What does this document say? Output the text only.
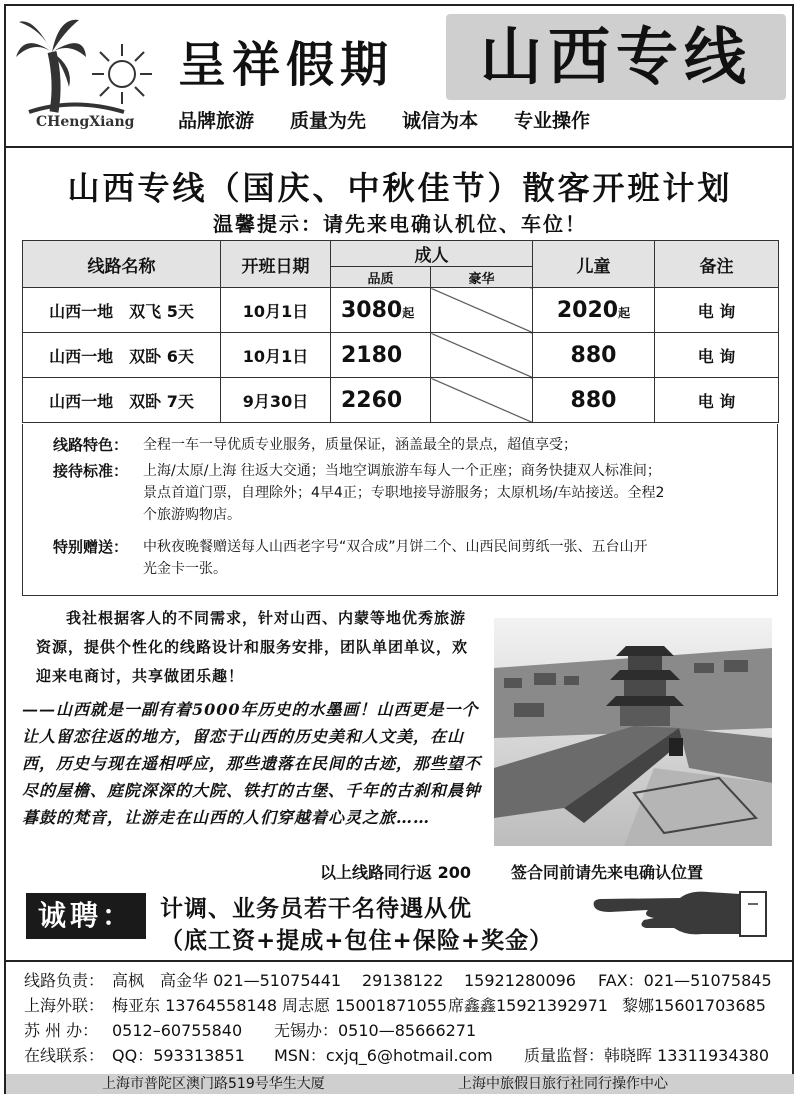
CHengXiang
呈祥假期	山西专线
品牌旅游 质量为先 诚信为本 专业操作
山西专线（国庆、中秋佳节）散客开班计划
温馨提示：请先来电确认机位、车位！
线路名称	开班日期	成人		儿童	备注
		品质	豪华		
山西一地　双飞 5天	10月1日	3080起		2020起	电 询
山西一地　双卧 6天	10月1日	2180		880	电 询
山西一地　双卧 7天	9月30日	2260		880	电 询
线路特色：	全程一车一导优质专业服务，质量保证，涵盖最全的景点，超值享受；
接待标准：	上海/太原/上海 往返大交通；当地空调旅游车每人一个正座；商务快捷双人标准间；
景点首道门票，自理除外；4早4正；专职地接导游服务；太原机场/车站接送。全程2
个旅游购物店。
特别赠送：	中秋夜晚餐赠送每人山西老字号“双合成”月饼二个、山西民间剪纸一张、五台山开
光金卡一张。
我社根据客人的不同需求，针对山西、内蒙等地优秀旅游资源，提供个性化的线路设计和服务安排，团队单团单议，欢迎来电商讨，共享做团乐趣！
——山西就是一副有着5000年历史的水墨画！山西更是一个让人留恋往返的地方，留恋于山西的历史美和人文美，在山西，历史与现在遥相呼应，那些遗落在民间的古迹，那些望不尽的屋檐、庭院深深的大院、铁打的古堡、千年的古刹和晨钟暮鼓的梵音，让游走在山西的人们穿越着心灵之旅……
以上线路同行返 200	签合同前请先来电确认位置
诚聘：	计调、业务员若干名待遇从优
（底工资+提成+包住+保险+奖金）
线路负责： 高枫　高金华 021—51075441 29138122 15921280096 FAX：021—51075845
上海外联： 梅亚东 13764558148 周志愿 15001871055 席鑫鑫15921392971 黎娜15601703685
苏 州 办： 0512–60755840 无锡办：0510—85666271
在线联系： QQ：593313851 MSN：cxjq_6@hotmail.com 质量监督：韩晓晖 13311934380
上海市普陀区澳门路519号华生大厦	上海中旅假日旅行社同行操作中心
